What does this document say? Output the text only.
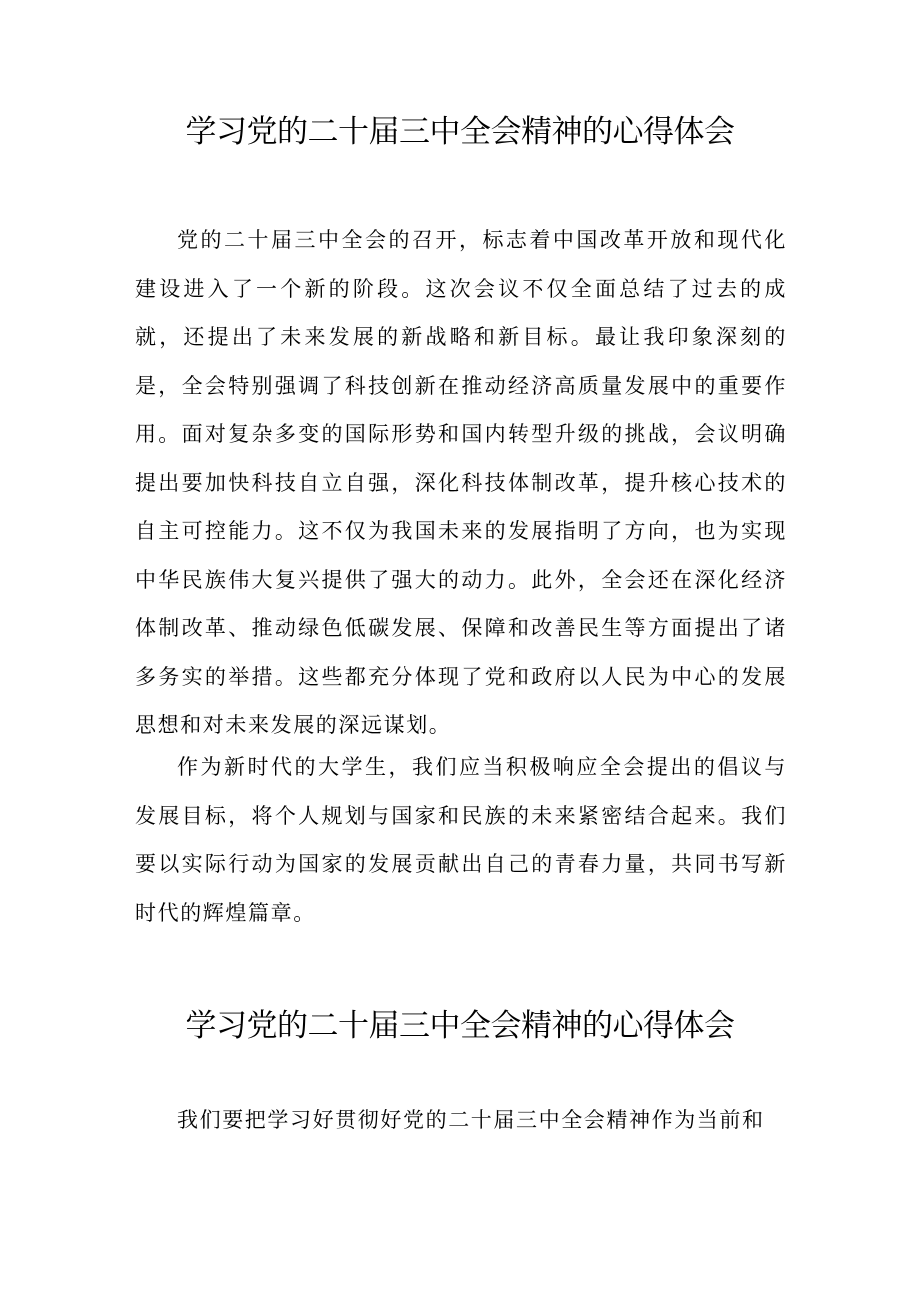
学习党的二十届三中全会精神的心得体会

党的二十届三中全会的召开，标志着中国改革开放和现代化建设进入了一个新的阶段。这次会议不仅全面总结了过去的成就，还提出了未来发展的新战略和新目标。最让我印象深刻的是，全会特别强调了科技创新在推动经济高质量发展中的重要作用。面对复杂多变的国际形势和国内转型升级的挑战，会议明确提出要加快科技自立自强，深化科技体制改革，提升核心技术的自主可控能力。这不仅为我国未来的发展指明了方向，也为实现中华民族伟大复兴提供了强大的动力。此外，全会还在深化经济体制改革、推动绿色低碳发展、保障和改善民生等方面提出了诸多务实的举措。这些都充分体现了党和政府以人民为中心的发展思想和对未来发展的深远谋划。

作为新时代的大学生，我们应当积极响应全会提出的倡议与发展目标，将个人规划与国家和民族的未来紧密结合起来。我们要以实际行动为国家的发展贡献出自己的青春力量，共同书写新时代的辉煌篇章。

学习党的二十届三中全会精神的心得体会

我们要把学习好贯彻好党的二十届三中全会精神作为当前和
